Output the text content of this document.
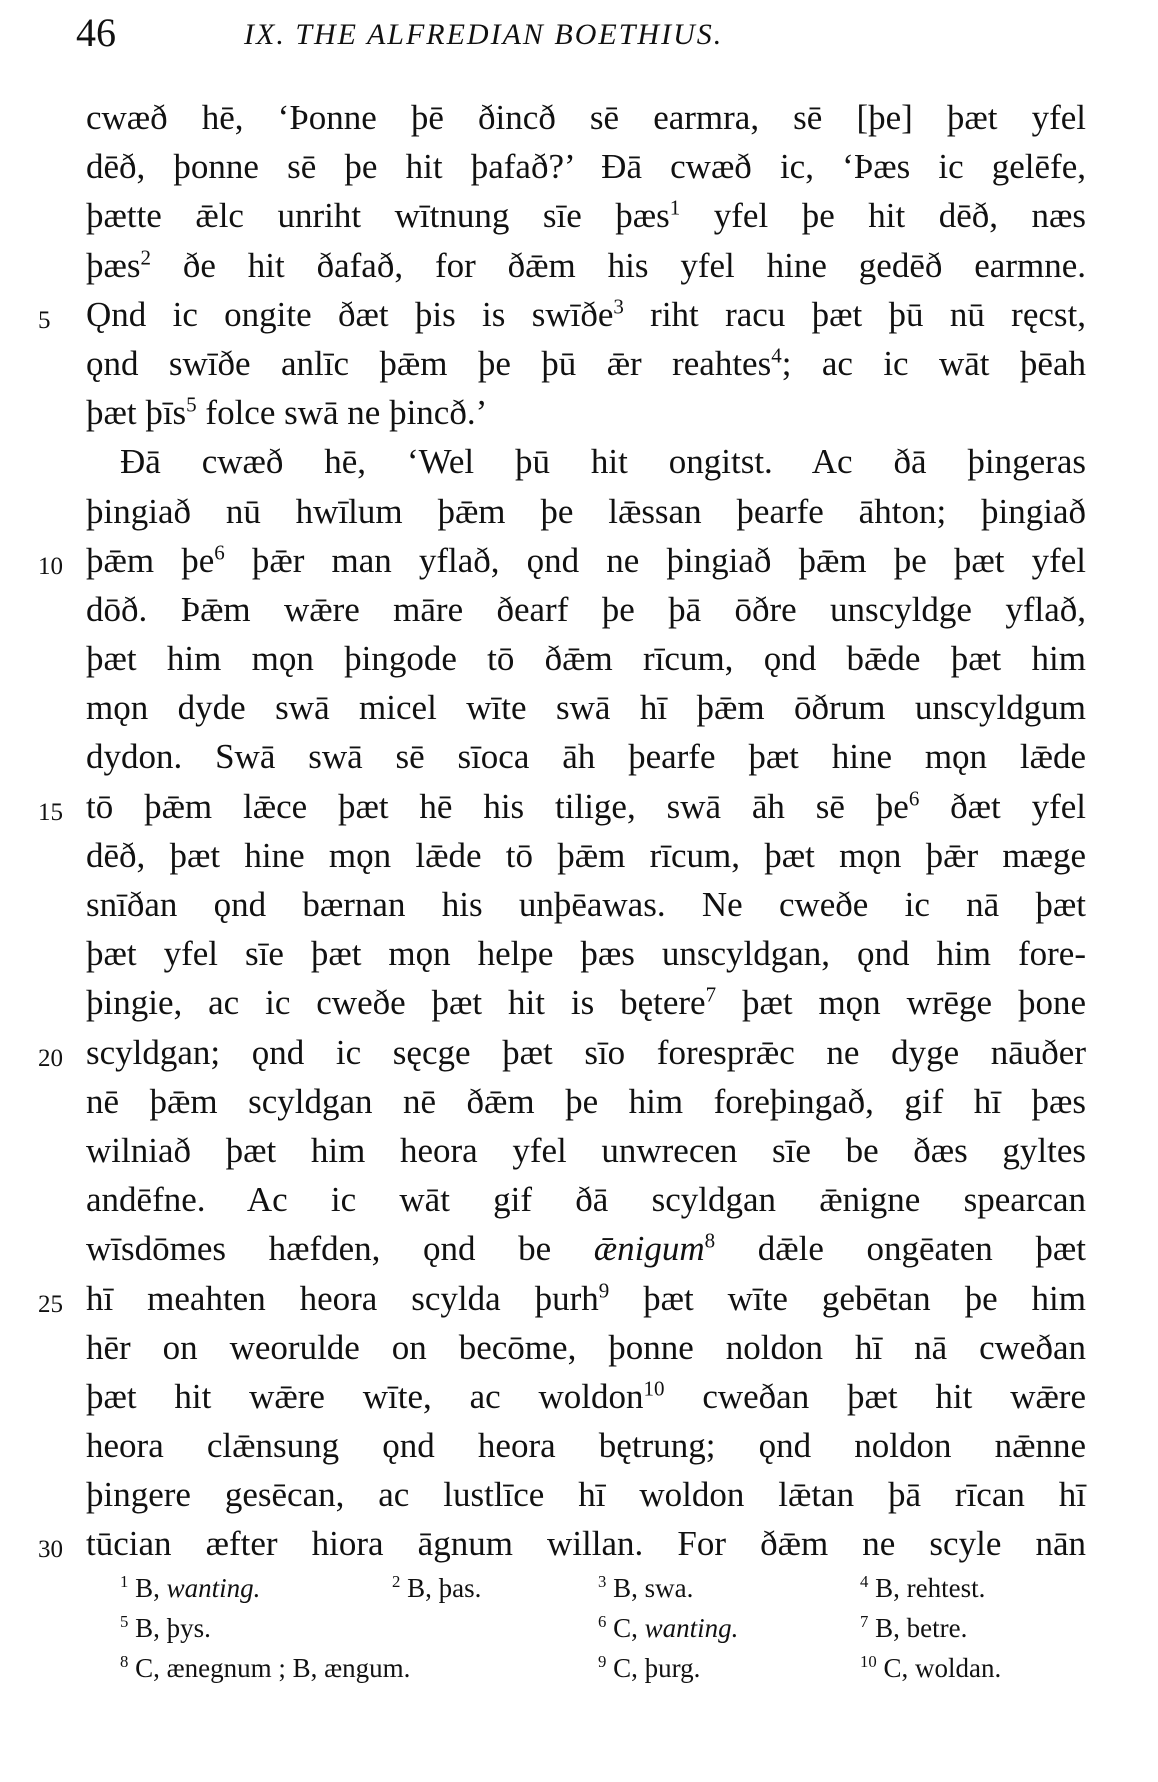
46	IX. THE ALFREDIAN BOETHIUS.
cwæð hē, ‘Þonne þē ðincð sē earmra, sē [þe] þæt yfel
dēð, þonne sē þe hit þafað?’ Ðā cwæð ic, ‘Þæs ic gelēfe,
þætte ǣlc unriht wītnung sīe þæs$^1$ yfel þe hit dēð, næs
þæs$^2$ ðe hit ðafað, for ðǣm his yfel hine gedēð earmne.
5	Ǫnd ic ongite ðæt þis is swīðe$^3$ riht racu þæt þū nū ręcst,
ǫnd swīðe anlīc þǣm þe þū ǣr reahtes$^4$; ac ic wāt þēah
þæt þīs$^5$ folce swā ne þincð.’
Ðā cwæð hē, ‘Wel þū hit ongitst. Ac ðā þingeras
þingiað nū hwīlum þǣm þe lǣssan þearfe āhton; þingiað
10 þǣm $þe^6$ þǣr man yflað, ǫnd ne þingiað þǣm þe þæt yfel
dōð. Þǣm wǣre māre ðearf þe þā ōðre unscyldge yflað,
þæt him mǫn þingode tō ðǣm rīcum, ǫnd bǣde þæt him
mǫn dyde swā micel wīte swā hī þǣm ōðrum unscyldgum
dydon. Swā swā sē sīoca āh þearfe þæt hine mǫn lǣde
15 tō þǣm lǣce þæt hē his tilige, swā āh sē $þe^6$ ðæt yfel
dēð, þæt hine mǫn lǣde tō þǣm rīcum, þæt mǫn þǣr mæge
snīðan ǫnd bærnan his unþēawas. Ne cweðe ic nā þæt
þæt yfel sīe þæt mǫn helpe þæs unscyldgan, ǫnd him fore-
þingie, ac ic cweðe þæt hit is bętere$^7$ þæt mǫn wrēge þone
20 scyldgan; ǫnd ic sęcge þæt sīo foresprǣc ne dyge nāuðer
nē þǣm scyldgan nē ðǣm þe him foreþingað, gif hī þæs
wilniað þæt him heora yfel unwrecen sīe be ðæs gyltes
andēfne. Ac ic wāt gif ðā scyldgan ǣnigne spearcan
wīsdōmes hæfden, ǫnd be ǣnigum$^8$ dǣle ongēaten þæt
25 hī meahten heora scylda þurh$^9$ þæt wīte gebētan þe him
hēr on weorulde on becōme, þonne noldon hī nā cweðan
þæt hit wǣre wīte, ac woldon$^{10}$ cweðan þæt hit wǣre
heora clǣnsung ǫnd heora bętrung; ǫnd noldon nǣnne
þingere gesēcan, ac lustlīce hī woldon lǣtan þā rīcan hī
30 tūcian æfter hiora āgnum willan. For ðǣm ne scyle nān
$^1$ B, wanting.	$^2$ B, þas.	$^3$ B, swa.	$^4$ B, rehtest.
$^5$ B, þys.	$^6$ C, wanting.	$^7$ B, betre.
$^8$ C, ænegnum ; B, ængum.	$^9$ C, þurg.	$^{10}$ C, woldan.
